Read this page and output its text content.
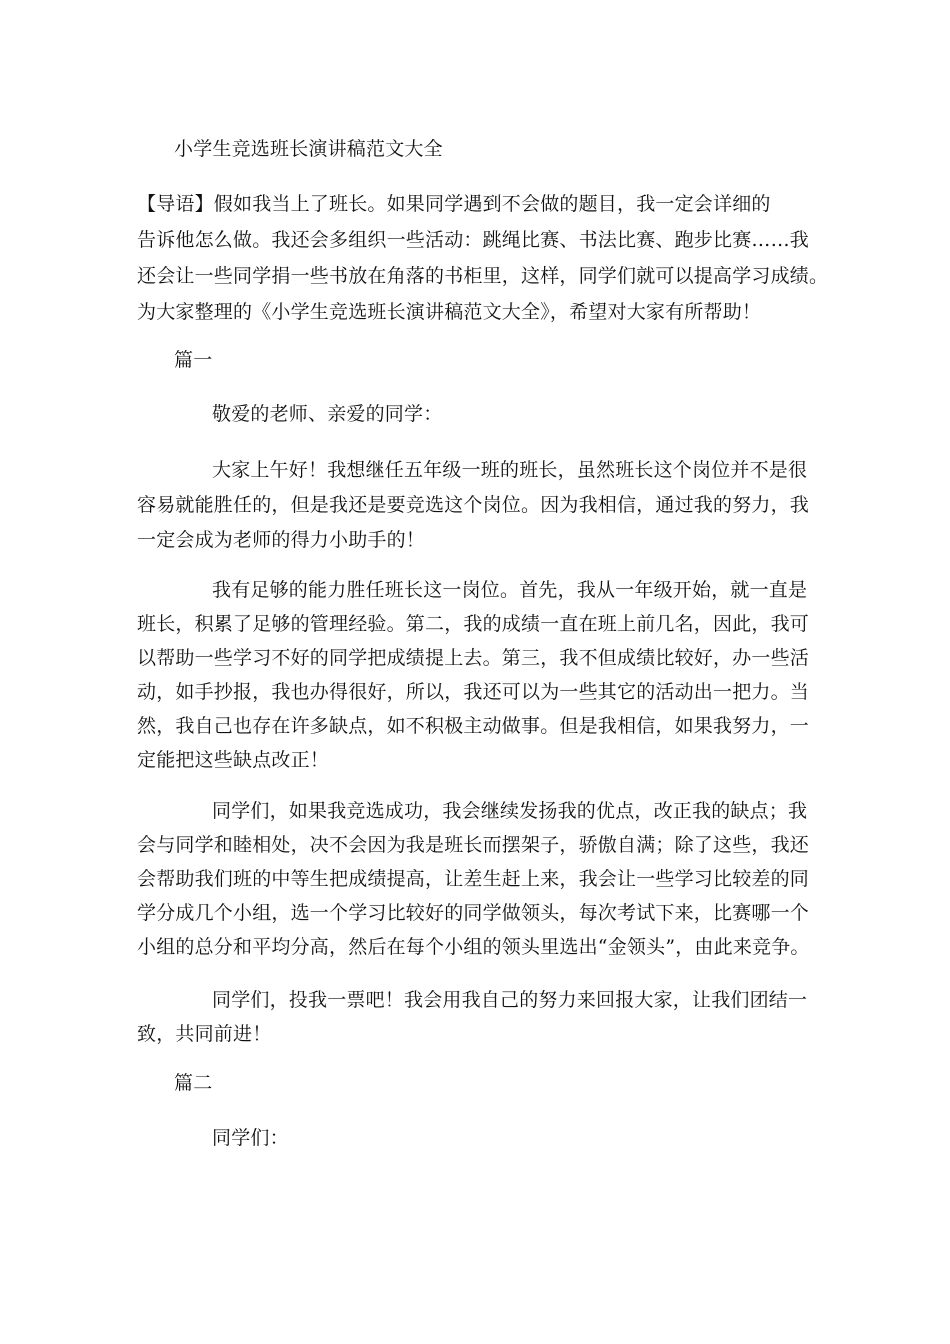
小学生竞选班长演讲稿范文大全
【导语】假如我当上了班长。如果同学遇到不会做的题目，我一定会详细的
告诉他怎么做。我还会多组织一些活动：跳绳比赛、书法比赛、跑步比赛……我
还会让一些同学捐一些书放在角落的书柜里，这样，同学们就可以提高学习成绩。
为大家整理的《小学生竞选班长演讲稿范文大全》，希望对大家有所帮助！
篇一
敬爱的老师、亲爱的同学：
大家上午好！我想继任五年级一班的班长，虽然班长这个岗位并不是很
容易就能胜任的，但是我还是要竞选这个岗位。因为我相信，通过我的努力，我
一定会成为老师的得力小助手的！
我有足够的能力胜任班长这一岗位。首先，我从一年级开始，就一直是
班长，积累了足够的管理经验。第二，我的成绩一直在班上前几名，因此，我可
以帮助一些学习不好的同学把成绩提上去。第三，我不但成绩比较好，办一些活
动，如手抄报，我也办得很好，所以，我还可以为一些其它的活动出一把力。当
然，我自己也存在许多缺点，如不积极主动做事。但是我相信，如果我努力，一
定能把这些缺点改正！
同学们，如果我竞选成功，我会继续发扬我的优点，改正我的缺点；我
会与同学和睦相处，决不会因为我是班长而摆架子，骄傲自满；除了这些，我还
会帮助我们班的中等生把成绩提高，让差生赶上来，我会让一些学习比较差的同
学分成几个小组，选一个学习比较好的同学做领头，每次考试下来，比赛哪一个
小组的总分和平均分高，然后在每个小组的领头里选出“金领头”，由此来竞争。
同学们，投我一票吧！我会用我自己的努力来回报大家，让我们团结一
致，共同前进！
篇二
同学们：
